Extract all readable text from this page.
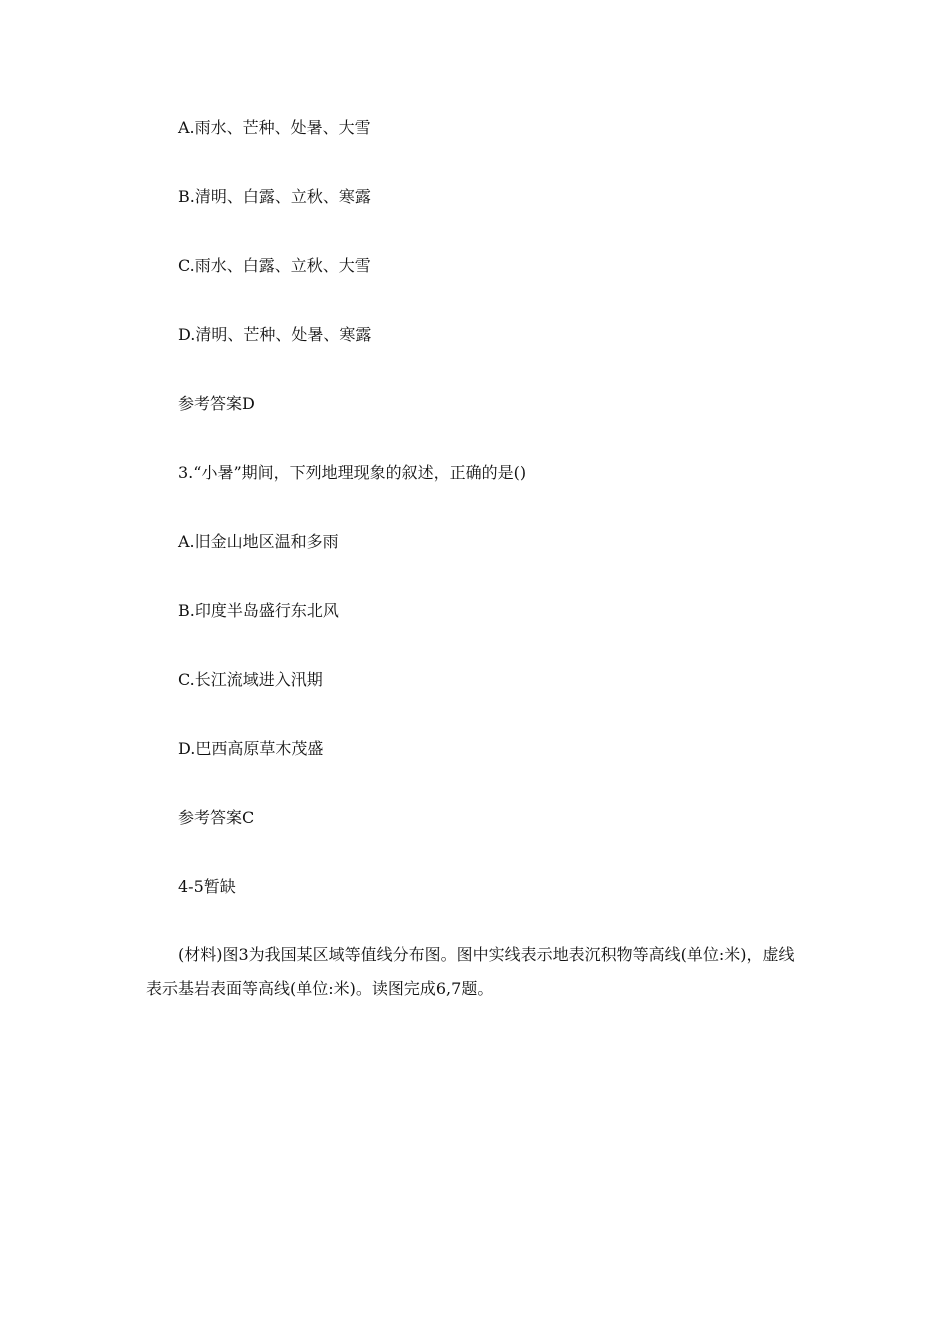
A.雨水、芒种、处暑、大雪
B.清明、白露、立秋、寒露
C.雨水、白露、立秋、大雪
D.清明、芒种、处暑、寒露
参考答案D
3.“小暑”期间，下列地理现象的叙述，正确的是()
A.旧金山地区温和多雨
B.印度半岛盛行东北风
C.长江流域进入汛期
D.巴西高原草木茂盛
参考答案C
4-5暂缺
(材料)图3为我国某区域等值线分布图。图中实线表示地表沉积物等高线(单位:米)，虚线表示基岩表面等高线(单位:米)。读图完成6,7题。
